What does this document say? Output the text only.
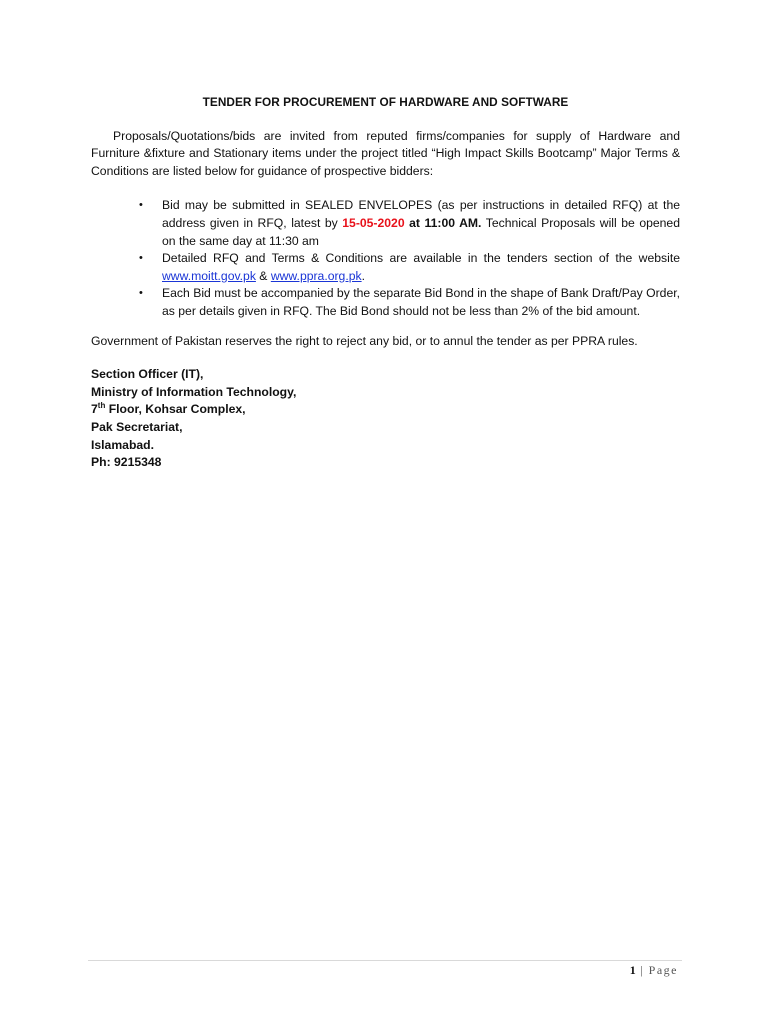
TENDER FOR PROCUREMENT OF HARDWARE AND SOFTWARE

Proposals/Quotations/bids are invited from reputed firms/companies for supply of Hardware and Furniture &fixture and Stationary items under the project titled “High Impact Skills Bootcamp” Major Terms & Conditions are listed below for guidance of prospective bidders:

• Bid may be submitted in SEALED ENVELOPES (as per instructions in detailed RFQ) at the address given in RFQ, latest by 15-05-2020 at 11:00 AM. Technical Proposals will be opened on the same day at 11:30 am
• Detailed RFQ and Terms & Conditions are available in the tenders section of the website www.moitt.gov.pk & www.ppra.org.pk.
• Each Bid must be accompanied by the separate Bid Bond in the shape of Bank Draft/Pay Order, as per details given in RFQ. The Bid Bond should not be less than 2% of the bid amount.

Government of Pakistan reserves the right to reject any bid, or to annul the tender as per PPRA rules.

Section Officer (IT),
Ministry of Information Technology,
7th Floor, Kohsar Complex,
Pak Secretariat,
Islamabad.
Ph: 9215348
1 | Page
